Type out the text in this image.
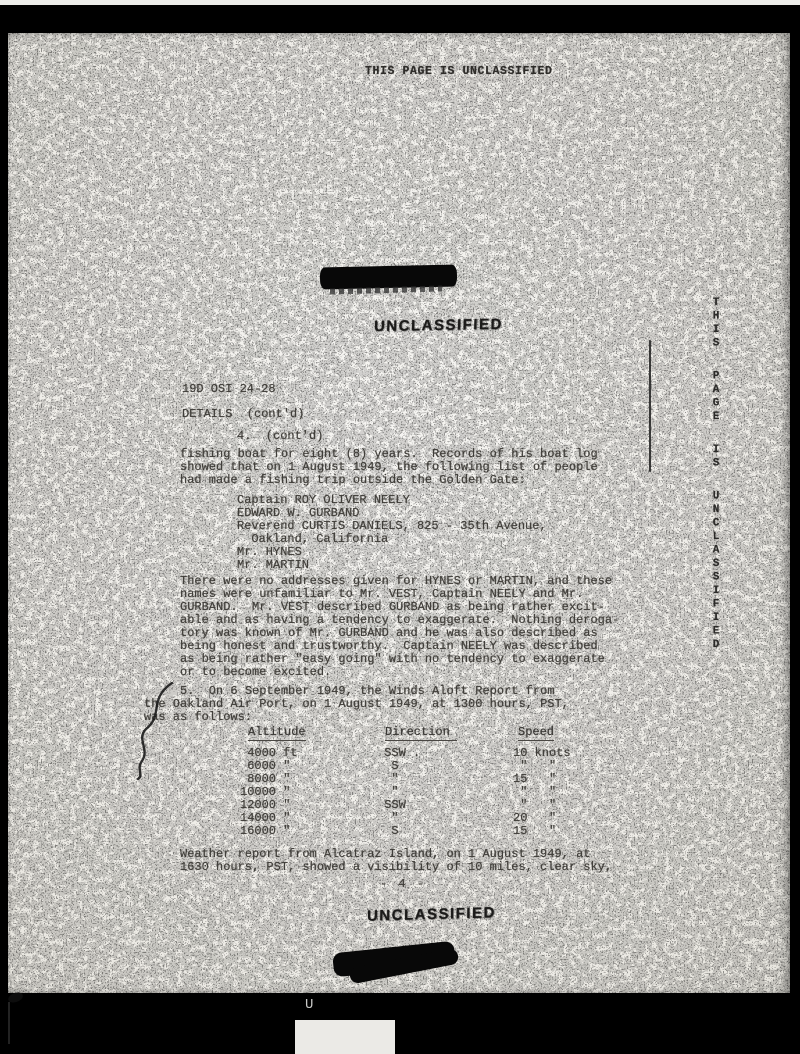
THIS PAGE IS UNCLASSIFIED
UNCLASSIFIED
19D OSI 24-28
DETAILS  (cont'd)
4.  (cont'd)
fishing boat for eight (8) years.  Records of his boat log
showed that on 1 August 1949, the following list of people
had made a fishing trip outside the Golden Gate:
Captain ROY OLIVER NEELY
EDWARD W. GURBAND
Reverend CURTIS DANIELS, 825 - 35th Avenue,
Oakland, California
Mr. HYNES
Mr. MARTIN
There were no addresses given for HYNES or MARTIN, and these
names were unfamiliar to Mr. VEST, Captain NEELY and Mr.
GURBAND.  Mr. VEST described GURBAND as being rather excit-
able and as having a tendency to exaggerate.  Nothing deroga-
tory was known of Mr. GURBAND and he was also described as
being honest and trustworthy.  Captain NEELY was described
as being rather "easy going" with no tendency to exaggerate
or to become excited.
5.  On 6 September 1949, the Winds Aloft Report from
the Oakland Air Port, on 1 August 1949, at 1300 hours, PST,
was as follows:
Altitude	Direction	Speed
4000 ft	SSW .	10 knots
6000 "	S	"   "
8000 "	"	15   "
10000 "	"	"   "
12000 "	SSW	"   "
14000 "	"	20   "
16000 "	S	15   "
Weather report from Alcatraz Island, on 1 August 1949, at
1630 hours, PST, showed a visibility of 10 miles, clear sky,
- 4 -
UNCLASSIFIED
THIS PAGE IS UNCLASSIFIED
U
